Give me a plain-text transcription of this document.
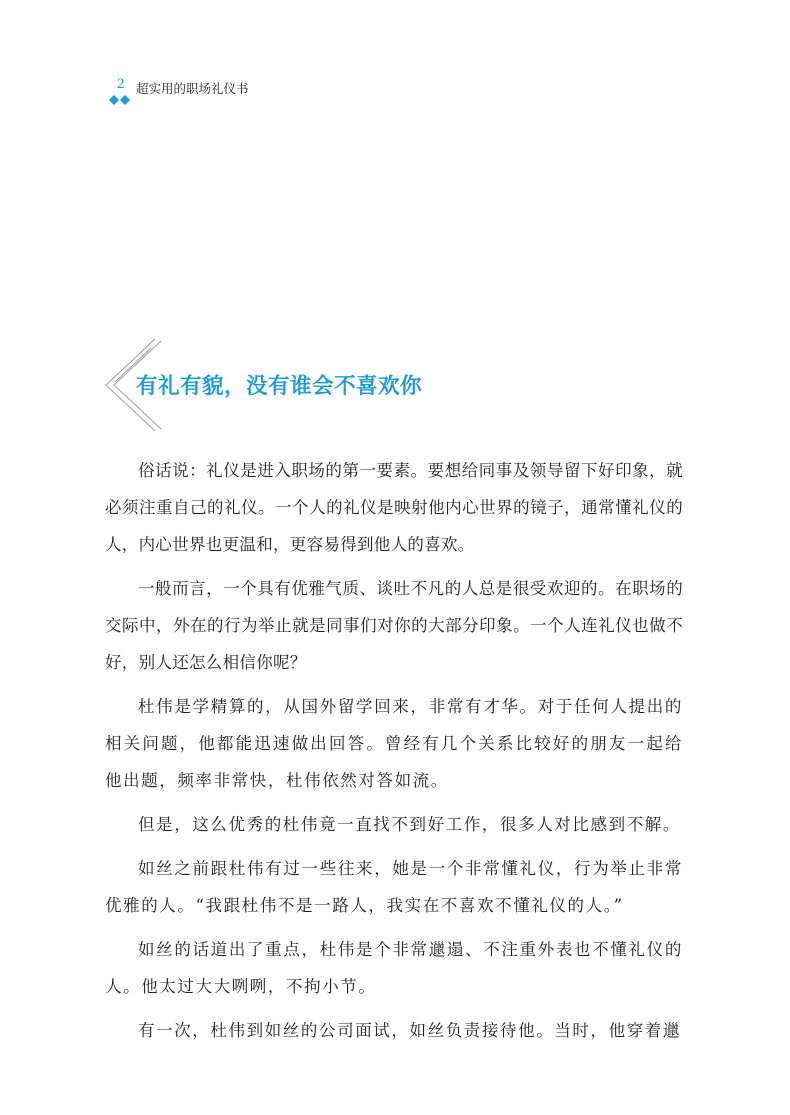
2 超实用的职场礼仪书
有礼有貌，没有谁会不喜欢你

俗话说：礼仪是进入职场的第一要素。要想给同事及领导留下好印象，就必须注重自己的礼仪。一个人的礼仪是映射他内心世界的镜子，通常懂礼仪的人，内心世界也更温和，更容易得到他人的喜欢。

一般而言，一个具有优雅气质、谈吐不凡的人总是很受欢迎的。在职场的交际中，外在的行为举止就是同事们对你的大部分印象。一个人连礼仪也做不好，别人还怎么相信你呢？

杜伟是学精算的，从国外留学回来，非常有才华。对于任何人提出的相关问题，他都能迅速做出回答。曾经有几个关系比较好的朋友一起给他出题，频率非常快，杜伟依然对答如流。

但是，这么优秀的杜伟竟一直找不到好工作，很多人对比感到不解。

如丝之前跟杜伟有过一些往来，她是一个非常懂礼仪，行为举止非常优雅的人。“我跟杜伟不是一路人，我实在不喜欢不懂礼仪的人。”

如丝的话道出了重点，杜伟是个非常邋遢、不注重外表也不懂礼仪的人。他太过大大咧咧，不拘小节。

有一次，杜伟到如丝的公司面试，如丝负责接待他。当时，他穿着邋
